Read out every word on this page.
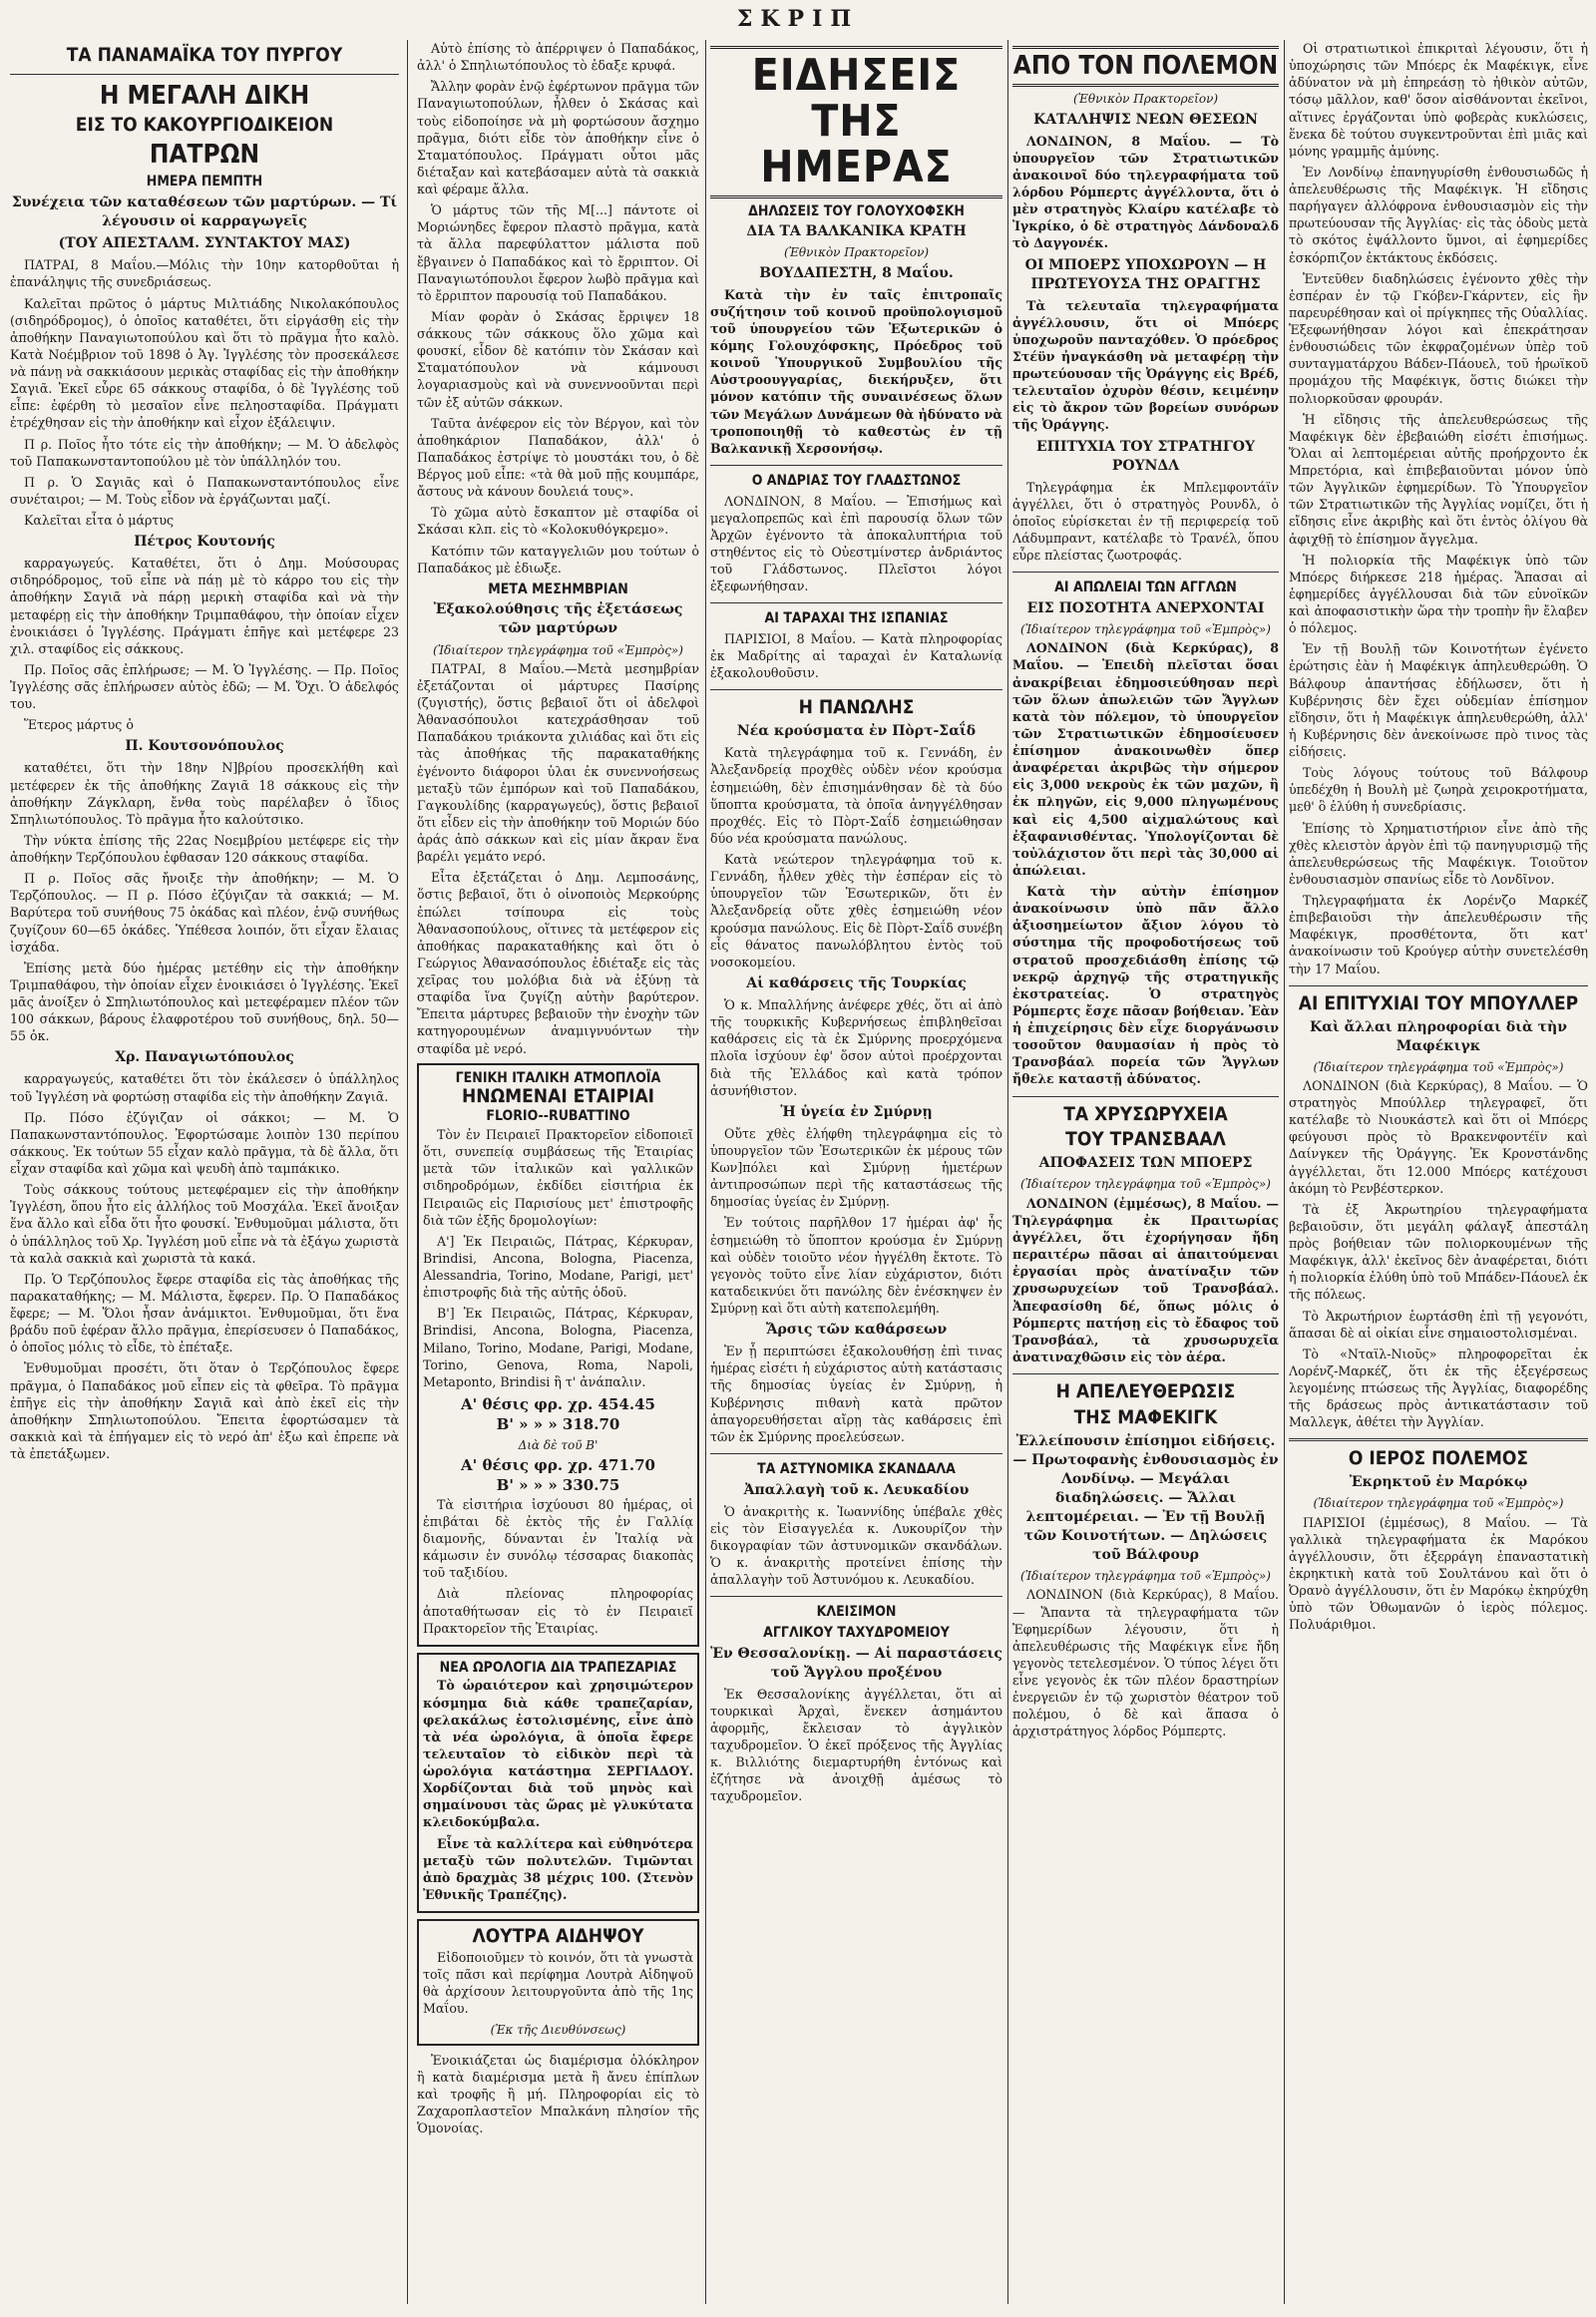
ΣΚΡΙΠ
ΤΑ ΠΑΝΑΜΑΪΚΑ ΤΟΥ ΠΥΡΓΟΥ
Η ΜΕΓΑΛΗ ΔΙΚΗ
ΕΙΣ ΤΟ ΚΑΚΟΥΡΓΙΟΔΙΚΕΙΟΝ
ΠΑΤΡΩΝ
ΗΜΕΡΑ ΠΕΜΠΤΗ
Συνέχεια τῶν καταθέσεων τῶν μαρτύρων. — Τί λέγουσιν οἱ καρραγωγεῖς
(ΤΟΥ ΑΠΕΣΤΑΛΜ. ΣΥΝΤΑΚΤΟΥ ΜΑΣ)

ΠΑΤΡΑΙ, 8 Μαΐου.—Μόλις τὴν 10ην κατορθοῦται ἡ ἐπανάληψις τῆς συνεδριάσεως.

Καλεῖται πρῶτος ὁ μάρτυς Μιλτιάδης Νικολακόπουλος (σιδηρόδρομος), ὁ ὁποῖος καταθέτει, ὅτι εἰργάσθη εἰς τὴν ἀποθήκην Παναγιωτοπούλου καὶ ὅτι τὸ πρᾶγμα ἦτο καλὸ. Κατὰ Νοέμβριον τοῦ 1898 ὁ Ἀγ. Ἰγγλέσης τὸν προσεκάλεσε νὰ πάνῃ νὰ σακκιάσουν μερικὰς σταφίδας εἰς τὴν ἀποθήκην Σαγιᾶ. Ἐκεῖ εὗρε 65 σάκκους σταφίδα, ὁ δὲ Ἰγγλέσης τοῦ εἶπε: ἐφέρθη τὸ μεσαῖον εἶνε πεληοσταφίδα. Πράγματι ἐτρέχθησαν εἰς τὴν ἀποθήκην καὶ εἶχον ἐξάλειψιν.

Π ρ. Ποῖος ἦτο τότε εἰς τὴν ἀποθήκην; — Μ. Ὁ ἀδελφὸς τοῦ Παπακωνσταντοπούλου μὲ τὸν ὑπάλληλόν του.

Π ρ. Ὁ Σαγιᾶς καὶ ὁ Παπακωνσταντόπουλος εἶνε συνέταιροι; — Μ. Τοὺς εἶδον νὰ ἐργάζωνται μαζί.

Καλεῖται εἶτα ὁ μάρτυς

Πέτρος Κουτονής

καρραγωγεύς. Καταθέτει, ὅτι ὁ Δημ. Μούσουρας σιδηρόδρομος, τοῦ εἶπε νὰ πάῃ μὲ τὸ κάρρο του εἰς τὴν ἀποθήκην Σαγιᾶ νὰ πάρῃ μερικὴ σταφίδα καὶ νὰ τὴν μεταφέρῃ εἰς τὴν ἀποθήκην Τριμπαθάφου, τὴν ὁποίαν εἶχεν ἐνοικιάσει ὁ Ἰγγλέσης. Πράγματι ἐπῆγε καὶ μετέφερε 23 χιλ. σταφίδος εἰς σάκκους.

Πρ. Ποῖος σᾶς ἐπλήρωσε; — Μ. Ὁ Ἰγγλέσης. — Πρ. Ποῖος Ἰγγλέσης σᾶς ἐπλήρωσεν αὐτὸς ἐδῶ; — Μ. Ὄχι. Ὁ ἀδελφός του.

Ἕτερος μάρτυς ὁ

Π. Κουτσονόπουλος

καταθέτει, ὅτι τὴν 18ην Ν]βρίου προσεκλήθη καὶ μετέφερεν ἐκ τῆς ἀποθήκης Ζαγιᾶ 18 σάκκους εἰς τὴν ἀποθήκην Ζάγκλαρη, ἔνθα τοὺς παρέλαβεν ὁ ἴδιος Σπηλιωτόπουλος. Τὸ πρᾶγμα ἦτο καλούτσικο.

Τὴν νύκτα ἐπίσης τῆς 22ας Νοεμβρίου μετέφερε εἰς τὴν ἀποθήκην Τερζόπουλου ἑφθασαν 120 σάκκους σταφίδα.

Π ρ. Ποῖος σᾶς ἤνοιξε τὴν ἀποθήκην; — Μ. Ὁ Τερζόπουλος. — Π ρ. Πόσο ἐζύγιζαν τὰ σακκιά; — Μ. Βαρύτερα τοῦ συνήθους 75 ὀκάδας καὶ πλέον, ἐνῷ συνήθως ζυγίζουν 60—65 ὀκάδες. Ὑπέθεσα λοιπόν, ὅτι εἶχαν ἔλαιας ἰσχάδα.

Ἐπίσης μετὰ δύο ἡμέρας μετέθην εἰς τὴν ἀποθήκην Τριμπαθάφου, τὴν ὁποίαν εἶχεν ἐνοικιάσει ὁ Ἰγγλέσης. Ἐκεῖ μᾶς ἀνοίξεν ὁ Σπηλιωτόπουλος καὶ μετεφέραμεν πλέον τῶν 100 σάκκων, βάρους ἐλαφροτέρου τοῦ συνήθους, δηλ. 50—55 ὀκ.

Χρ. Παναγιωτόπουλος

καρραγωγεύς, καταθέτει ὅτι τὸν ἐκάλεσεν ὁ ὑπάλληλος τοῦ Ἰγγλέση νὰ φορτώσῃ σταφίδα εἰς τὴν ἀποθήκην Ζαγιᾶ.

Πρ. Πόσο ἐζύγιζαν οἱ σάκκοι; — Μ. Ὁ Παπακωνσταντόπουλος. Ἐφορτώσαμε λοιπὸν 130 περίπου σάκκους. Ἐκ τούτων 55 εἶχαν καλὸ πρᾶγμα, τὰ δὲ ἄλλα, ὅτι εἶχαν σταφίδα καὶ χῶμα καὶ ψευδὴ ἀπὸ ταμπάκικο.

Τοὺς σάκκους τούτους μετεφέραμεν εἰς τὴν ἀποθήκην Ἰγγλέση, ὅπου ἦτο εἰς ἀλλήλος τοῦ Μοσχάλα. Ἐκεῖ ἄνοιξαν ἕνα ἄλλο καὶ εἶδα ὅτι ἦτο φουσκί. Ἐνθυμοῦμαι μάλιστα, ὅτι ὁ ὑπάλληλος τοῦ Χρ. Ἰγγλέση μοῦ εἶπε νὰ τὰ ἐξάγω χωριστὰ τὰ καλὰ σακκιὰ καὶ χωριστὰ τὰ κακά.

Πρ. Ὁ Τερζόπουλος ἔφερε σταφίδα εἰς τὰς ἀποθήκας τῆς παρακαταθήκης; — Μ. Μάλιστα, ἔφερεν. Πρ. Ὁ Παπαδάκος ἔφερε; — Μ. Ὅλοι ἦσαν ἀνάμικτοι. Ἐνθυμοῦμαι, ὅτι ἕνα βράδυ ποῦ ἐφέραν ἄλλο πρᾶγμα, ἐπερίσευσεν ὁ Παπαδάκος, ὁ ὁποῖος μόλις τὸ εἶδε, τὸ ἐπέταξε.

Ἐνθυμοῦμαι προσέτι, ὅτι ὅταν ὁ Τερζόπουλος ἔφερε πρᾶγμα, ὁ Παπαδάκος μοῦ εἶπεν εἰς τὰ φθεῖρα. Τὸ πρᾶγμα ἐπῆγε εἰς τὴν ἀποθήκην Σαγιᾶ καὶ ἀπὸ ἐκεῖ εἰς τὴν ἀποθήκην Σπηλιωτοπούλου. Ἔπειτα ἐφορτώσαμεν τὰ σακκιὰ καὶ τὰ ἐπήγαμεν εἰς τὸ νερό ἀπ' ἐξω καὶ ἐπρεπε νὰ τὰ ἐπετάξωμεν.

Αὐτὸ ἐπίσης τὸ ἀπέρριψεν ὁ Παπαδάκος, ἀλλ' ὁ Σπηλιωτόπουλος τὸ ἐδαξε κρυφά.

Ἄλλην φορὰν ἐνῷ ἐφέρτωνον πρᾶγμα τῶν Παναγιωτοπούλων, ἦλθεν ὁ Σκάσας καὶ τοὺς εἰδοποίησε νὰ μὴ φορτώσουν ἄσχημο πρᾶγμα, διότι εἶδε τὸν ἀποθήκην εἶνε ὁ Σταματόπουλος. Πράγματι οὗτοι μᾶς διέταξαν καὶ κατεβάσαμεν αὐτὰ τὰ σακκιὰ καὶ φέραμε ἄλλα.

Ὁ μάρτυς τῶν τῆς Μ[...] πάντοτε οἱ Μοριώνηδες ἔφερον πλαστὸ πρᾶγμα, κατὰ τὰ ἄλλα παρεφύλαττον μάλιστα ποῦ ἔβγαινεν ὁ Παπαδάκος καὶ τὸ ἔρριπτον. Οἱ Παναγιωτόπουλοι ἔφερον λωβὸ πρᾶγμα καὶ τὸ ἔρριπτον παρουσίᾳ τοῦ Παπαδάκου.

Μίαν φορὰν ὁ Σκάσας ἔρριψεν 18 σάκκους τῶν σάκκους ὅλο χῶμα καὶ φουσκί, εἶδον δὲ κατόπιν τὸν Σκάσαν καὶ Σταματόπουλον νὰ κάμνουσι λογαριασμοὺς καὶ νὰ συνεννοοῦνται περὶ τῶν ἐξ αὐτῶν σάκκων.

Ταῦτα ἀνέφερον εἰς τὸν Βέργον, καὶ τὸν ἀποθηκάριον Παπαδάκον, ἀλλ' ὁ Παπαδάκος ἐστρίψε τὸ μουστάκι του, ὁ δὲ Βέργος μοῦ εἶπε: «τὰ θὰ μοῦ πῇς κουμπάρε, ἄστους νὰ κάνουν δουλειά τους».

Τὸ χῶμα αὐτὸ ἔσκαπτον μὲ σταφίδα οἱ Σκάσαι κλπ. εἰς τὸ «Κολοκυθόγκρεμο».

Κατόπιν τῶν καταγγελιῶν μου τούτων ὁ Παπαδάκος μὲ ἐδιωξε.

ΜΕΤΑ ΜΕΣΗΜΒΡΙΑΝ
Ἐξακολούθησις τῆς ἐξετάσεως τῶν μαρτύρων
(Ἰδιαίτερον τηλεγράφημα τοῦ «Ἐμπρὸς»)

ΠΑΤΡΑΙ, 8 Μαΐου.—Μετὰ μεσημβρίαν ἐξετάζονται οἱ μάρτυρες Πασίρης (ζυγιστής), ὅστις βεβαιοῖ ὅτι οἱ ἀδελφοὶ Ἀθανασόπουλοι κατεχράσθησαν τοῦ Παπαδάκου τριάκοντα χιλιάδας καὶ ὅτι εἰς τὰς ἀποθήκας τῆς παρακαταθήκης ἐγένοντο διάφοροι ὑλαι ἐκ συνεννοήσεως μεταξὺ τῶν ἐμπόρων καὶ τοῦ Παπαδάκου, Γαγκουλίδης (καρραγωγεύς), ὅστις βεβαιοῖ ὅτι εἶδεν εἰς τὴν ἀποθήκην τοῦ Μοριών δύο ἀράς ἀπὸ σάκκων καὶ εἰς μίαν ἄκραν ἕνα βαρέλι γεμάτο νερό.

Εἶτα ἐξετάζεται ὁ Δημ. Λεμποσάνης, ὅστις βεβαιοῖ, ὅτι ὁ οἰνοποιὸς Μερκούρης ἐπώλει τσίπουρα εἰς τοὺς Ἀθανασοπούλους, οἵτινες τὰ μετέφερον εἰς ἀποθήκας παρακαταθήκης καὶ ὅτι ὁ Γεώργιος Ἀθανασόπουλος ἐδιέταξε εἰς τὰς χεῖρας του μολόβια διὰ νὰ ἐξύνῃ τὰ σταφίδα ἵνα ζυγίζῃ αὐτὴν βαρύτερον. Ἔπειτα μάρτυρες βεβαιοῦν τὴν ἐνοχὴν τῶν κατηγορουμένων ἀναμιγνυόντων τὴν σταφίδα μὲ νερό.

ΓΕΝΙΚΗ ΙΤΑΛΙΚΗ ΑΤΜΟΠΛΟΪΑ
ΗΝΩΜΕΝΑΙ ΕΤΑΙΡΙΑΙ
FLORIO--RUBATTINO

Τὸν ἐν Πειραιεῖ Πρακτορεῖον εἰδοποιεῖ ὅτι, συνεπείᾳ συμβάσεως τῆς Ἑταιρίας μετὰ τῶν ἰταλικῶν καὶ γαλλικῶν σιδηροδρόμων, ἐκδίδει εἰσιτήρια ἐκ Πειραιῶς εἰς Παρισίους μετ' ἐπιστροφῆς διὰ τῶν ἑξῆς δρομολογίων:

Α'] Ἐκ Πειραιῶς, Πάτρας, Κέρκυραν, Brindisi, Ancona, Bologna, Piacenza, Alessandria, Torino, Modane, Parigi, μετ' ἐπιστροφῆς διὰ τῆς αὐτῆς ὁδοῦ.

Β'] Ἐκ Πειραιῶς, Πάτρας, Κέρκυραν, Brindisi, Ancona, Bologna, Piacenza, Milano, Torino, Modane, Parigi, Modane, Torino, Genova, Roma, Napoli, Metaponto, Brindisi ἢ τ' ἀνάπαλιν.

Α' θέσις φρ. χρ. 454.45
Β' » » » 318.70
Διὰ δὲ τοῦ Β'
Α' θέσις φρ. χρ. 471.70
Β' » » » 330.75

Τὰ εἰσιτήρια ἰσχύουσι 80 ἡμέρας, οἱ ἐπιβάται δὲ ἐκτὸς τῆς ἐν Γαλλίᾳ διαμονῆς, δύνανται ἐν Ἰταλίᾳ νὰ κάμωσιν ἐν συνόλῳ τέσσαρας διακοπὰς τοῦ ταξιδίου.

Διὰ πλείονας πληροφορίας ἀποταθήτωσαν εἰς τὸ ἐν Πειραιεῖ Πρακτορεῖον τῆς Ἑταιρίας.

ΝΕΑ ΩΡΟΛΟΓΙΑ ΔΙΑ ΤΡΑΠΕΖΑΡΙΑΣ

Τὸ ὡραιότερον καὶ χρησιμώτερον κόσμημα διὰ κάθε τραπεζαρίαν, φελακάλως ἐστολισμένης, εἶνε ἀπὸ τὰ νέα ὡρολόγια, ἃ ὁποῖα ἔφερε τελευταῖον τὸ εἰδικὸν περὶ τὰ ὡρολόγια κατάστημα ΣΕΡΓΙΑΔΟΥ. Χορδίζονται διὰ τοῦ μηνὸς καὶ σημαίνουσι τὰς ὥρας μὲ γλυκύτατα κλειδοκύμβαλα.

Εἶνε τὰ καλλίτερα καὶ εὐθηνότερα μεταξὺ τῶν πολυτελῶν. Τιμῶνται ἀπὸ δραχμὰς 38 μέχρις 100. (Στενὸν Ἐθνικῆς Τραπέζης).

ΛΟΥΤΡΑ ΑΙΔΗΨΟΥ

Εἰδοποιοῦμεν τὸ κοινόν, ὅτι τὰ γνωστὰ τοῖς πᾶσι καὶ περίφημα Λουτρὰ Αἰδηψοῦ θὰ ἀρχίσουν λειτουργοῦντα ἀπὸ τῆς 1ης Μαΐου.

(Ἐκ τῆς Διευθύνσεως)

Ἐνοικιάζεται ὡς διαμέρισμα ὁλόκληρον ἢ κατὰ διαμέρισμα μετὰ ἢ ἄνευ ἐπίπλων καὶ τροφῆς ἢ μή. Πληροφορίαι εἰς τὸ Ζαχαροπλαστεῖον Μπαλκάνη πλησίον τῆς Ὁμονοίας.

ΕΙΔΗΣΕΙΣ ΤΗΣ ΗΜΕΡΑΣ
ΔΗΛΩΣΕΙΣ ΤΟΥ ΓΟΛΟΥΧΟΦΣΚΗ
ΔΙΑ ΤΑ ΒΑΛΚΑΝΙΚΑ ΚΡΑΤΗ
(Ἐθνικὸν Πρακτορεῖον)
ΒΟΥΔΑΠΕΣΤΗ, 8 Μαΐου.

Κατὰ τὴν ἐν ταῖς ἐπιτροπαῖς συζήτησιν τοῦ κοινοῦ προϋπολογισμοῦ τοῦ ὑπουργείου τῶν Ἐξωτερικῶν ὁ κόμης Γολουχόφσκης, Πρόεδρος τοῦ κοινοῦ Ὑπουργικοῦ Συμβουλίου τῆς Αὐστροουγγαρίας, διεκήρυξεν, ὅτι μόνον κατόπιν τῆς συναινέσεως ὅλων τῶν Μεγάλων Δυνάμεων θὰ ἠδύνατο νὰ τροποποιηθῇ τὸ καθεστὼς ἐν τῇ Βαλκανικῇ Χερσονήσῳ.

Ο ΑΝΔΡΙΑΣ ΤΟΥ ΓΛΑΔΣΤΩΝΟΣ

ΛΟΝΔΙΝΟΝ, 8 Μαΐου. — Ἐπισήμως καὶ μεγαλοπρεπῶς καὶ ἐπὶ παρουσίᾳ ὅλων τῶν Ἀρχῶν ἐγένοντο τὰ ἀποκαλυπτήρια τοῦ στηθέντος εἰς τὸ Οὐεστμίνστερ ἀνδριάντος τοῦ Γλάδστωνος. Πλεῖστοι λόγοι ἐξεφωνήθησαν.

ΑΙ ΤΑΡΑΧΑΙ ΤΗΣ ΙΣΠΑΝΙΑΣ

ΠΑΡΙΣΙΟΙ, 8 Μαΐου. — Κατὰ πληροφορίας ἐκ Μαδρίτης αἱ ταραχαὶ ἐν Καταλωνίᾳ ἐξακολουθοῦσιν.

Η ΠΑΝΩΛΗΣ
Νέα κρούσματα ἐν Πὸρτ-Σαΐδ

Κατὰ τηλεγράφημα τοῦ κ. Γεννάδη, ἐν Ἀλεξανδρείᾳ προχθὲς οὐδὲν νέον κρούσμα ἐσημειώθη, δὲν ἐπισημάνθησαν δὲ τὰ δύο ὕποπτα κρούσματα, τὰ ὁποῖα ἀνηγγέλθησαν προχθές. Εἰς τὸ Πὸρτ-Σαΐδ ἐσημειώθησαν δύο νέα κρούσματα πανώλους.

Κατὰ νεώτερον τηλεγράφημα τοῦ κ. Γεννάδη, ἦλθεν χθὲς τὴν ἑσπέραν εἰς τὸ ὑπουργεῖον τῶν Ἐσωτερικῶν, ὅτι ἐν Ἀλεξανδρείᾳ οὔτε χθὲς ἐσημειώθη νέον κρούσμα πανώλους. Εἰς δὲ Πὸρτ-Σαΐδ συνέβη εἷς θάνατος πανωλόβλητου ἐντὸς τοῦ νοσοκομείου.

Αἱ καθάρσεις τῆς Τουρκίας

Ὁ κ. Μπαλλήνης ἀνέφερε χθές, ὅτι αἱ ἀπὸ τῆς τουρκικῆς Κυβερνήσεως ἐπιβληθεῖσαι καθάρσεις εἰς τὰ ἐκ Σμύρνης προερχόμενα πλοῖα ἰσχύουν ἐφ' ὅσον αὐτοὶ προέρχονται διὰ τῆς Ἑλλάδος καὶ κατὰ τρόπον ἀσυνήθιστον.

Ἡ ὑγεία ἐν Σμύρνῃ

Οὔτε χθὲς ἐλήφθη τηλεγράφημα εἰς τὸ ὑπουργεῖον τῶν Ἐσωτερικῶν ἐκ μέρους τῶν Κων]πόλει καὶ Σμύρνῃ ἡμετέρων ἀντιπροσώπων περὶ τῆς καταστάσεως τῆς δημοσίας ὑγείας ἐν Σμύρνῃ.

Ἐν τούτοις παρῆλθον 17 ἡμέραι ἀφ' ἧς ἐσημειώθη τὸ ὕποπτον κρούσμα ἐν Σμύρνῃ καὶ οὐδὲν τοιοῦτο νέον ἠγγέλθη ἔκτοτε. Τὸ γεγονὸς τοῦτο εἶνε λίαν εὐχάριστον, διότι καταδεικνύει ὅτι πανώλης δὲν ἐνέσκηψεν ἐν Σμύρνῃ καὶ ὅτι αὐτὴ κατεπολεμήθη.

Ἄρσις τῶν καθάρσεων

Ἐν ᾗ περιπτώσει ἐξακολουθήσῃ ἐπὶ τινας ἡμέρας εἰσέτι ἡ εὐχάριστος αὐτὴ κατάστασις τῆς δημοσίας ὑγείας ἐν Σμύρνῃ, ἡ Κυβέρνησις πιθανὴ κατὰ πρῶτον ἀπαγορευθήσεται αἴρῃ τὰς καθάρσεις ἐπὶ τῶν ἐκ Σμύρνης προελεύσεων.

ΤΑ ΑΣΤΥΝΟΜΙΚΑ ΣΚΑΝΔΑΛΑ
Ἀπαλλαγὴ τοῦ κ. Λευκαδίου

Ὁ ἀνακριτὴς κ. Ἰωαννίδης ὑπέβαλε χθὲς εἰς τὸν Εἰσαγγελέα κ. Λυκουρίζον τὴν δικογραφίαν τῶν ἀστυνομικῶν σκανδάλων. Ὁ κ. ἀνακριτὴς προτείνει ἐπίσης τὴν ἀπαλλαγὴν τοῦ Ἀστυνόμου κ. Λευκαδίου.

ΚΛΕΙΣΙΜΟΝ
ΑΓΓΛΙΚΟΥ ΤΑΧΥΔΡΟΜΕΙΟΥ
Ἐν Θεσσαλονίκῃ. — Αἱ παραστάσεις τοῦ Ἄγγλου προξένου

Ἐκ Θεσσαλονίκης ἀγγέλλεται, ὅτι αἱ τουρκικαὶ Ἀρχαὶ, ἕνεκεν ἀσημάντου ἀφορμῆς, ἔκλεισαν τὸ ἀγγλικὸν ταχυδρομεῖον. Ὁ ἐκεῖ πρόξενος τῆς Ἀγγλίας κ. Βιλλιότης διεμαρτυρήθη ἐντόνως καὶ ἐζήτησε νὰ ἀνοιχθῇ ἀμέσως τὸ ταχυδρομεῖον.

ΑΠΟ ΤΟΝ ΠΟΛΕΜΟΝ
(Ἐθνικὸν Πρακτορεῖον)
ΚΑΤΑΛΗΨΙΣ ΝΕΩΝ ΘΕΣΕΩΝ

ΛΟΝΔΙΝΟΝ, 8 Μαΐου. — Τὸ ὑπουργεῖον τῶν Στρατιωτικῶν ἀνακοινοῖ δύο τηλεγραφήματα τοῦ λόρδου Ρόμπερτς ἀγγέλλοντα, ὅτι ὁ μὲν στρατηγὸς Κλαίρυ κατέλαβε τὸ Ἰγκρίκο, ὁ δὲ στρατηγὸς Δάνδοναλδ τὸ Δαγγονέκ.

ΟΙ ΜΠΟΕΡΣ ΥΠΟΧΩΡΟΥΝ — Η ΠΡΩΤΕΥΟΥΣΑ ΤΗΣ ΟΡΑΓΓΗΣ

Τὰ τελευταῖα τηλεγραφήματα ἀγγέλλουσιν, ὅτι οἱ Μπόερς ὑποχωροῦν πανταχόθεν. Ὁ πρόεδρος Στέϋν ἠναγκάσθη νὰ μεταφέρῃ τὴν πρωτεύουσαν τῆς Ὀράγγης εἰς Βρέδ, τελευταῖον ὀχυρὸν θέσιν, κειμένην εἰς τὸ ἄκρον τῶν βορείων συνόρων τῆς Ὀράγγης.

ΕΠΙΤΥΧΙΑ ΤΟΥ ΣΤΡΑΤΗΓΟΥ ΡΟΥΝΔΛ

Τηλεγράφημα ἐκ Μπλεμφοντάϊν ἀγγέλλει, ὅτι ὁ στρατηγὸς Ρουνδλ, ὁ ὁποῖος εὑρίσκεται ἐν τῇ περιφερείᾳ τοῦ Λάδυμπραντ, κατέλαβε τὸ Τρανέλ, ὅπου εὗρε πλείστας ζωοτροφάς.

ΑΙ ΑΠΩΛΕΙΑΙ ΤΩΝ ΑΓΓΛΩΝ
ΕΙΣ ΠΟΣΟΤΗΤΑ ΑΝΕΡΧΟΝΤΑΙ
(Ἰδιαίτερον τηλεγράφημα τοῦ «Ἐμπρὸς»)

ΛΟΝΔΙΝΟΝ (διὰ Κερκύρας), 8 Μαΐου. — Ἐπειδὴ πλεῖσται ὅσαι ἀνακρίβειαι ἐδημοσιεύθησαν περὶ τῶν ὅλων ἀπωλειῶν τῶν Ἄγγλων κατὰ τὸν πόλεμον, τὸ ὑπουργεῖον τῶν Στρατιωτικῶν ἐδημοσίευσεν ἐπίσημον ἀνακοινωθὲν ὅπερ ἀναφέρεται ἀκριβῶς τὴν σήμερον εἰς 3,000 νεκροὺς ἐκ τῶν μαχῶν, ἢ ἐκ πληγῶν, εἰς 9,000 πληγωμένους καὶ εἰς 4,500 αἰχμαλώτους καὶ ἐξαφανισθέντας. Ὑπολογίζονται δὲ τοὐλάχιστον ὅτι περὶ τὰς 30,000 αἱ ἀπώλειαι.

Κατὰ τὴν αὐτὴν ἐπίσημον ἀνακοίνωσιν ὑπὸ πᾶν ἄλλο ἀξιοσημείωτον ἄξιον λόγου τὸ σύστημα τῆς προφοδοτήσεως τοῦ στρατοῦ προσχεδιάσθη ἐπίσης τῷ νεκρῷ ἀρχηγῷ τῆς στρατηγικῆς ἐκστρατείας. Ὁ στρατηγὸς Ρόμπερτς ἔσχε πᾶσαν βοήθειαν. Ἐὰν ἡ ἐπιχείρησις δὲν εἶχε διοργάνωσιν τοσοῦτον θαυμασίαν ἡ πρὸς τὸ Τρανσβάαλ πορεία τῶν Ἄγγλων ἤθελε καταστῇ ἀδύνατος.

ΤΑ ΧΡΥΣΩΡΥΧΕΙΑ
ΤΟΥ ΤΡΑΝΣΒΑΑΛ
ΑΠΟΦΑΣΕΙΣ ΤΩΝ ΜΠΟΕΡΣ
(Ἰδιαίτερον τηλεγράφημα τοῦ «Ἐμπρὸς»)

ΛΟΝΔΙΝΟΝ (ἐμμέσως), 8 Μαΐου. — Τηλεγράφημα ἐκ Πραιτωρίας ἀγγέλλει, ὅτι ἐχορήγησαν ἤδη περαιτέρω πᾶσαι αἱ ἀπαιτούμεναι ἐργασίαι πρὸς ἀνατίναξιν τῶν χρυσωρυχείων τοῦ Τρανσβάαλ. Ἀπεφασίσθη δέ, ὅπως μόλις ὁ Ρόμπερτς πατήσῃ εἰς τὸ ἔδαφος τοῦ Τρανσβάαλ, τὰ χρυσωρυχεῖα ἀνατιναχθῶσιν εἰς τὸν ἀέρα.

Η ΑΠΕΛΕΥΘΕΡΩΣΙΣ
ΤΗΣ ΜΑΦΕΚΙΓΚ
Ἐλλείπουσιν ἐπίσημοι εἰδήσεις. — Πρωτοφανὴς ἐνθουσιασμὸς ἐν Λονδίνῳ. — Μεγάλαι διαδηλώσεις. — Ἄλλαι λεπτομέρειαι. — Ἐν τῇ Βουλῇ τῶν Κοινοτήτων. — Δηλώσεις τοῦ Βάλφουρ
(Ἰδιαίτερον τηλεγράφημα τοῦ «Ἐμπρὸς»)

ΛΟΝΔΙΝΟΝ (διὰ Κερκύρας), 8 Μαΐου. — Ἅπαντα τὰ τηλεγραφήματα τῶν Ἐφημερίδων λέγουσιν, ὅτι ἡ ἀπελευθέρωσις τῆς Μαφέκιγκ εἶνε ἤδη γεγονὸς τετελεσμένον. Ὁ τύπος λέγει ὅτι εἶνε γεγονὸς ἐκ τῶν πλέον δραστηρίων ἐνεργειῶν ἐν τῷ χωριστὸν θέατρον τοῦ πολέμου, ὁ δὲ καὶ ἅπασα ὁ ἀρχιστράτηγος λόρδος Ρόμπερτς.

Οἱ στρατιωτικοὶ ἐπικριταὶ λέγουσιν, ὅτι ἡ ὑποχώρησις τῶν Μπόερς ἐκ Μαφέκιγκ, εἶνε ἀδύνατον νὰ μὴ ἐπηρεάσῃ τὸ ἠθικὸν αὐτῶν, τόσῳ μᾶλλον, καθ' ὅσον αἰσθάνονται ἐκεῖνοι, αἵτινες ἐργάζονται ὑπὸ φοβερὰς κυκλώσεις, ἕνεκα δὲ τούτου συγκεντροῦνται ἐπὶ μιᾶς καὶ μόνης γραμμῆς ἀμύνης.

Ἐν Λονδίνῳ ἐπανηγυρίσθη ἐνθουσιωδῶς ἡ ἀπελευθέρωσις τῆς Μαφέκιγκ. Ἡ εἴδησις παρήγαγεν ἀλλόφρονα ἐνθουσιασμὸν εἰς τὴν πρωτεύουσαν τῆς Ἀγγλίας· εἰς τὰς ὁδοὺς μετὰ τὸ σκότος ἐψάλλοντο ὕμνοι, αἱ ἐφημερίδες ἐσκόρπιζον ἐκτάκτους ἐκδόσεις.

Ἐντεῦθεν διαδηλώσεις ἐγένοντο χθὲς τὴν ἑσπέραν ἐν τῷ Γκόβεν-Γκάρντεν, εἰς ἣν παρευρέθησαν καὶ οἱ πρίγκηπες τῆς Οὐαλλίας. Ἐξεφωνήθησαν λόγοι καὶ ἐπεκράτησαν ἐνθουσιώδεις τῶν ἐκφραζομένων ὑπὲρ τοῦ συνταγματάρχου Βάδεν-Πάουελ, τοῦ ἡρωϊκοῦ προμάχου τῆς Μαφέκιγκ, ὅστις διώκει τὴν πολιορκοῦσαν φρουράν.

Ἡ εἴδησις τῆς ἀπελευθερώσεως τῆς Μαφέκιγκ δὲν ἐβεβαιώθη εἰσέτι ἐπισήμως. Ὅλαι αἱ λεπτομέρειαι αὐτῆς προήρχοντο ἐκ Μπρετόρια, καὶ ἐπιβεβαιοῦνται μόνον ὑπὸ τῶν Ἀγγλικῶν ἐφημερίδων. Τὸ Ὑπουργεῖον τῶν Στρατιωτικῶν τῆς Ἀγγλίας νομίζει, ὅτι ἡ εἴδησις εἶνε ἀκριβὴς καὶ ὅτι ἐντὸς ὀλίγου θὰ ἀφιχθῇ τὸ ἐπίσημον ἄγγελμα.

Ἡ πολιορκία τῆς Μαφέκιγκ ὑπὸ τῶν Μπόερς διήρκεσε 218 ἡμέρας. Ἅπασαι αἱ ἐφημερίδες ἀγγέλλουσαι διὰ τῶν εὐνοϊκῶν καὶ ἀποφασιστικὴν ὥρα τὴν τροπὴν ἣν ἔλαβεν ὁ πόλεμος.

Ἐν τῇ Βουλῇ τῶν Κοινοτήτων ἐγένετο ἐρώτησις ἐὰν ἡ Μαφέκιγκ ἀπηλευθερώθη. Ὁ Βάλφουρ ἀπαντήσας ἐδήλωσεν, ὅτι ἡ Κυβέρνησις δὲν ἔχει οὐδεμίαν ἐπίσημον εἴδησιν, ὅτι ἡ Μαφέκιγκ ἀπηλευθερώθη, ἀλλ' ἡ Κυβέρνησις δὲν ἀνεκοίνωσε πρὸ τινος τὰς εἰδήσεις.

Τοὺς λόγους τούτους τοῦ Βάλφουρ ὑπεδέχθη ἡ Βουλὴ μὲ ζωηρὰ χειροκροτήματα, μεθ' ὃ ἐλύθη ἡ συνεδρίασις.

Ἐπίσης τὸ Χρηματιστήριον εἶνε ἀπὸ τῆς χθὲς κλειστὸν ἀργὸν ἐπὶ τῷ πανηγυρισμῷ τῆς ἀπελευθερώσεως τῆς Μαφέκιγκ. Τοιοῦτον ἐνθουσιασμὸν σπανίως εἶδε τὸ Λονδῖνον.

Τηλεγραφήματα ἐκ Λορένζο Μαρκέζ ἐπιβεβαιοῦσι τὴν ἀπελευθέρωσιν τῆς Μαφέκιγκ, προσθέτοντα, ὅτι κατ' ἀνακοίνωσιν τοῦ Κρούγερ αὐτὴν συνετελέσθη τὴν 17 Μαΐου.

ΑΙ ΕΠΙΤΥΧΙΑΙ ΤΟΥ ΜΠΟΥΛΛΕΡ
Καὶ ἄλλαι πληροφορίαι διὰ τὴν Μαφέκιγκ
(Ἰδιαίτερον τηλεγράφημα τοῦ «Ἐμπρὸς»)

ΛΟΝΔΙΝΟΝ (διὰ Κερκύρας), 8 Μαΐου. — Ὁ στρατηγὸς Μπούλλερ τηλεγραφεῖ, ὅτι κατέλαβε τὸ Νιουκάστελ καὶ ὅτι οἱ Μπόερς φεύγουσι πρὸς τὸ Βρακενφοντέϊν καὶ Δαίνγκεν τῆς Ὀράγγης. Ἐκ Κρονστάνδης ἀγγέλλεται, ὅτι 12.000 Μπόερς κατέχουσι ἀκόμη τὸ Ρενβέστερκον.

Τὰ ἐξ Ἀκρωτηρίου τηλεγραφήματα βεβαιοῦσιν, ὅτι μεγάλη φάλαγξ ἀπεστάλη πρὸς βοήθειαν τῶν πολιορκουμένων τῆς Μαφέκιγκ, ἀλλ' ἐκεῖνος δὲν ἀναφέρεται, διότι ἡ πολιορκία ἐλύθη ὑπὸ τοῦ Μπάδεν-Πάουελ ἐκ τῆς πόλεως.

Τὸ Ἀκρωτήριον ἑωρτάσθη ἐπὶ τῇ γεγονότι, ἅπασαι δὲ αἱ οἰκίαι εἶνε σημαιοστολισμέναι.

Τὸ «Νταϊλ-Νιοῦς» πληροφορεῖται ἐκ Λορένζ-Μαρκέζ, ὅτι ἐκ τῆς ἐξεγέρσεως λεγομένης πτώσεως τῆς Ἀγγλίας, διαφορέδης τῆς δράσεως πρὸς ἀντικατάστασιν τοῦ Μαλλεγκ, ἀθέτει τὴν Ἀγγλίαν.

Ο ΙΕΡΟΣ ΠΟΛΕΜΟΣ
Ἐκρηκτοῦ ἐν Μαρόκῳ
(Ἰδιαίτερον τηλεγράφημα τοῦ «Ἐμπρὸς»)

ΠΑΡΙΣΙΟΙ (ἐμμέσως), 8 Μαΐου. — Τὰ γαλλικὰ τηλεγραφήματα ἐκ Μαρόκου ἀγγέλλουσιν, ὅτι ἐξερράγη ἐπαναστατικὴ ἐκρηκτικὴ κατὰ τοῦ Σουλτάνου καὶ ὅτι ὁ Ὀρανὸ ἀγγέλλουσιν, ὅτι ἐν Μαρόκῳ ἐκηρύχθη ὑπὸ τῶν Ὀθωμανῶν ὁ ἱερὸς πόλεμος. Πολυάριθμοι.
